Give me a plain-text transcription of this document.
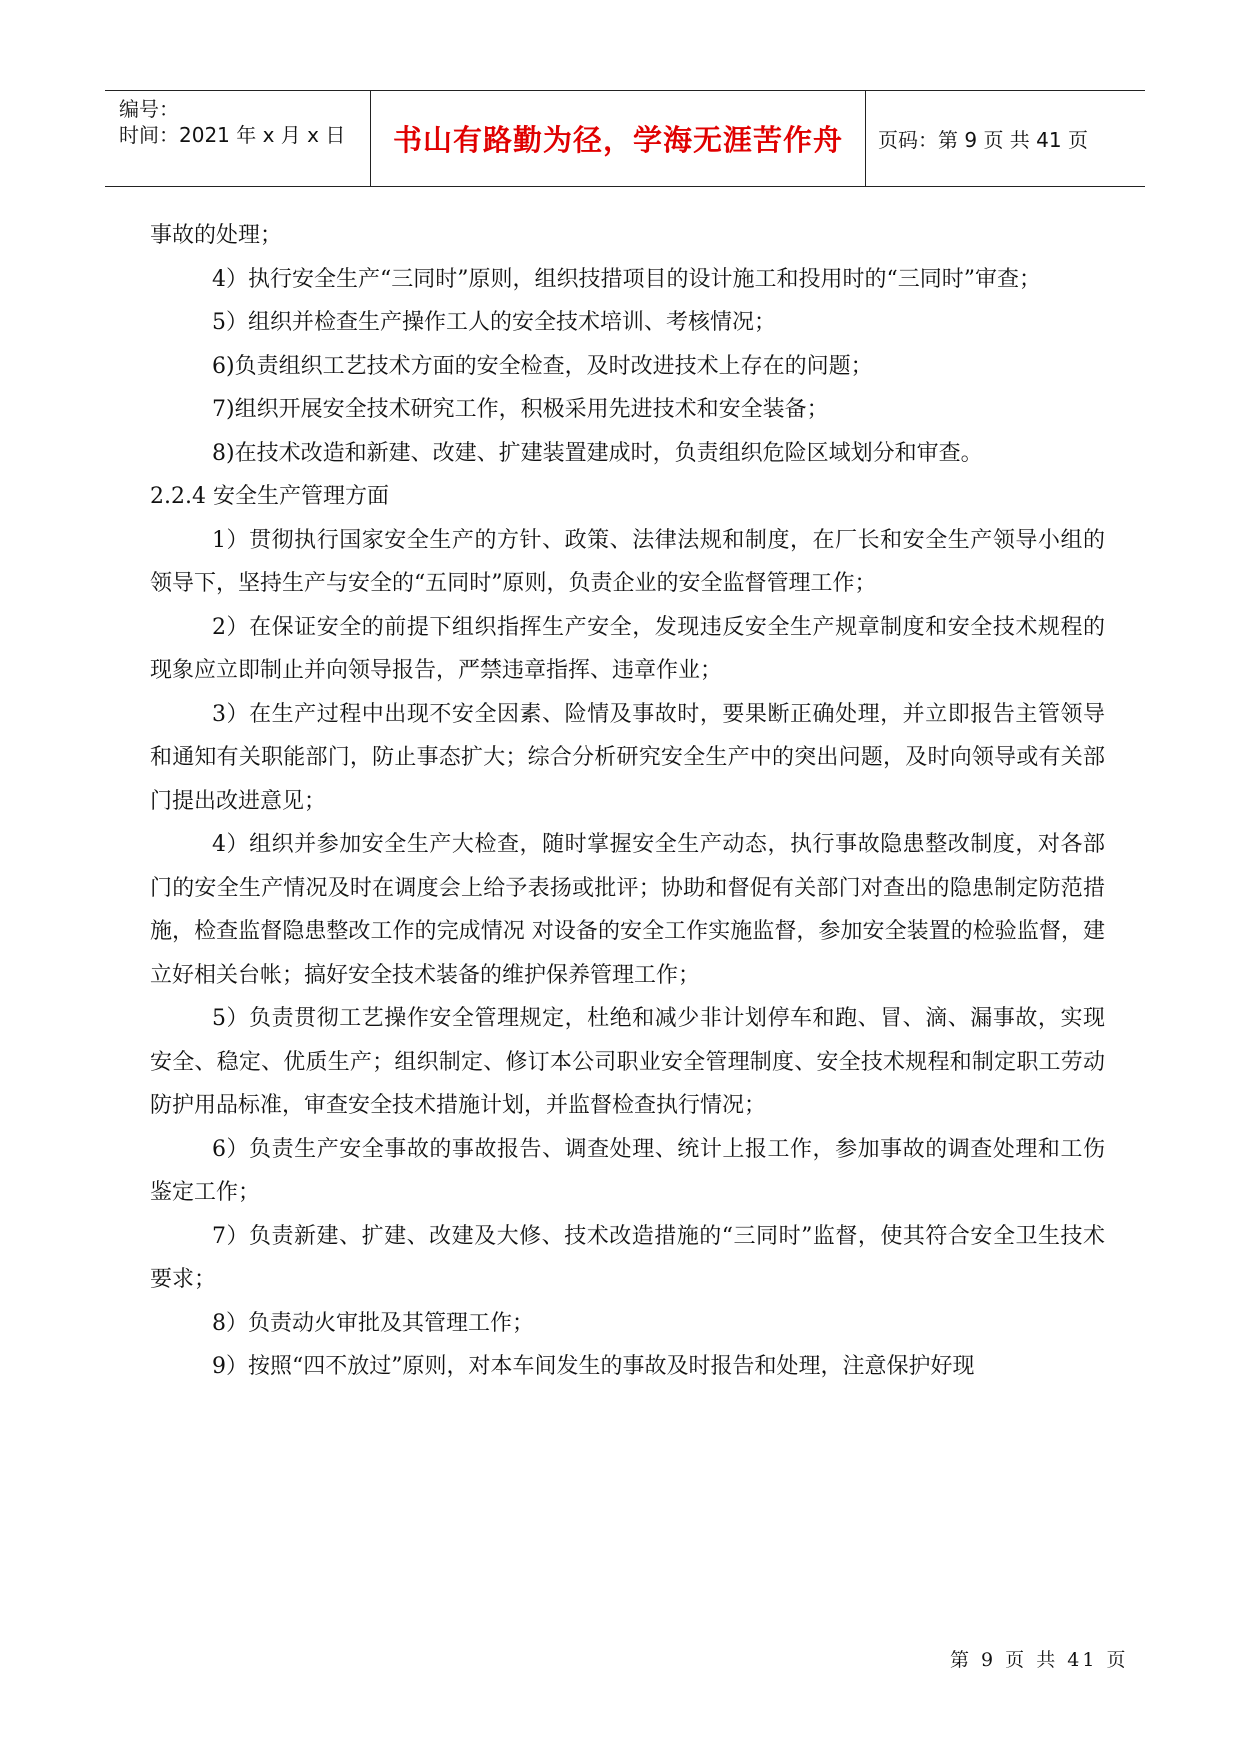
编号：
时间：2021 年 x 月 x 日 书山有路勤为径，学海无涯苦作舟 页码：第 9 页 共 41 页

事故的处理；

4）执行安全生产“三同时”原则，组织技措项目的设计施工和投用时的“三同时”审查；

5）组织并检查生产操作工人的安全技术培训、考核情况；

6)负责组织工艺技术方面的安全检查，及时改进技术上存在的问题；

7)组织开展安全技术研究工作，积极采用先进技术和安全装备；

8)在技术改造和新建、改建、扩建装置建成时，负责组织危险区域划分和审查。

2.2.4 安全生产管理方面

1）贯彻执行国家安全生产的方针、政策、法律法规和制度，在厂长和安全生产领导小组的领导下，坚持生产与安全的“五同时”原则，负责企业的安全监督管理工作；

2）在保证安全的前提下组织指挥生产安全，发现违反安全生产规章制度和安全技术规程的现象应立即制止并向领导报告，严禁违章指挥、违章作业；

3）在生产过程中出现不安全因素、险情及事故时，要果断正确处理，并立即报告主管领导和通知有关职能部门，防止事态扩大；综合分析研究安全生产中的突出问题，及时向领导或有关部门提出改进意见；

4）组织并参加安全生产大检查，随时掌握安全生产动态，执行事故隐患整改制度，对各部门的安全生产情况及时在调度会上给予表扬或批评；协助和督促有关部门对查出的隐患制定防范措施，检查监督隐患整改工作的完成情况 对设备的安全工作实施监督，参加安全装置的检验监督，建立好相关台帐；搞好安全技术装备的维护保养管理工作；

5）负责贯彻工艺操作安全管理规定，杜绝和减少非计划停车和跑、冒、滴、漏事故，实现安全、稳定、优质生产；组织制定、修订本公司职业安全管理制度、安全技术规程和制定职工劳动防护用品标准，审查安全技术措施计划，并监督检查执行情况；

6）负责生产安全事故的事故报告、调查处理、统计上报工作，参加事故的调查处理和工伤鉴定工作；

7）负责新建、扩建、改建及大修、技术改造措施的“三同时”监督，使其符合安全卫生技术要求；

8）负责动火审批及其管理工作；

9）按照“四不放过”原则，对本车间发生的事故及时报告和处理，注意保护好现

第 9 页 共 41 页
